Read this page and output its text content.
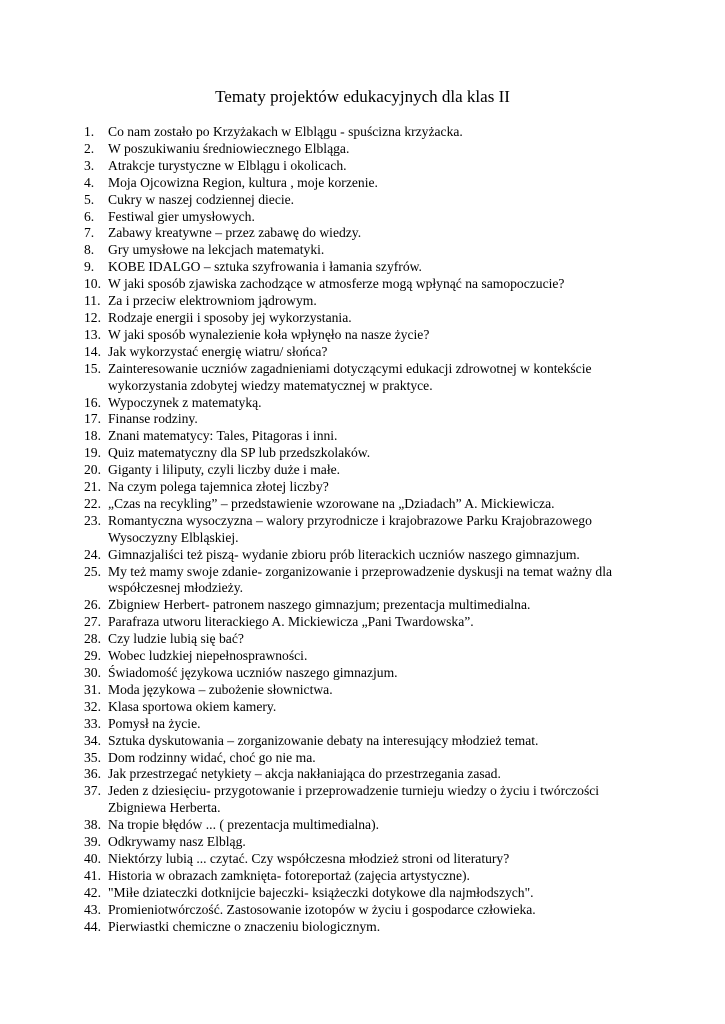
Tematy projektów edukacyjnych dla klas II
1.	Co nam zostało po Krzyżakach w Elblągu - spuścizna krzyżacka.
2.	W poszukiwaniu średniowiecznego Elbląga.
3.	Atrakcje turystyczne w Elblągu i okolicach.
4.	Moja Ojcowizna Region, kultura , moje korzenie.
5.	Cukry w naszej codziennej diecie.
6.	Festiwal gier umysłowych.
7.	Zabawy kreatywne – przez zabawę do wiedzy.
8.	Gry umysłowe na lekcjach matematyki.
9.	KOBE IDALGO – sztuka szyfrowania i łamania szyfrów.
10. W jaki sposób zjawiska zachodzące w atmosferze mogą wpłynąć na samopoczucie?
11. Za i przeciw elektrowniom jądrowym.
12. Rodzaje energii i sposoby jej wykorzystania.
13. W jaki sposób wynalezienie koła wpłynęło na nasze życie?
14. Jak wykorzystać energię wiatru/ słońca?
15. Zainteresowanie uczniów zagadnieniami dotyczącymi edukacji zdrowotnej w kontekście wykorzystania zdobytej wiedzy matematycznej w praktyce.
16. Wypoczynek z matematyką.
17. Finanse rodziny.
18. Znani matematycy: Tales, Pitagoras i inni.
19. Quiz matematyczny dla SP lub przedszkolaków.
20. Giganty i liliputy, czyli liczby duże i małe.
21. Na czym polega tajemnica złotej liczby?
22. „Czas na recykling” – przedstawienie wzorowane na „Dziadach” A. Mickiewicza.
23. Romantyczna wysoczyzna – walory przyrodnicze i krajobrazowe Parku Krajobrazowego Wysoczyzny Elbląskiej.
24. Gimnazjaliści też piszą- wydanie zbioru prób literackich uczniów naszego gimnazjum.
25. My też mamy swoje zdanie- zorganizowanie i przeprowadzenie dyskusji na temat ważny dla współczesnej młodzieży.
26. Zbigniew Herbert- patronem naszego gimnazjum; prezentacja multimedialna.
27. Parafraza utworu literackiego A. Mickiewicza „Pani Twardowska”.
28. Czy ludzie lubią się bać?
29. Wobec ludzkiej niepełnosprawności.
30. Świadomość językowa uczniów naszego gimnazjum.
31. Moda językowa – zubożenie słownictwa.
32. Klasa sportowa okiem kamery.
33. Pomysł na życie.
34. Sztuka dyskutowania – zorganizowanie debaty na interesujący młodzież temat.
35. Dom rodzinny widać, choć go nie ma.
36. Jak przestrzegać netykiety – akcja nakłaniająca do przestrzegania zasad.
37. Jeden z dziesięciu- przygotowanie i przeprowadzenie turnieju wiedzy o życiu i twórczości Zbigniewa Herberta.
38. Na tropie błędów ... ( prezentacja multimedialna).
39. Odkrywamy nasz Elbląg.
40. Niektórzy lubią ... czytać. Czy współczesna młodzież stroni od literatury?
41. Historia w obrazach zamknięta- fotoreportaż (zajęcia artystyczne).
42. "Miłe dziateczki dotknijcie bajeczki- książeczki dotykowe dla najmłodszych".
43. Promieniotwórczość. Zastosowanie izotopów w życiu i gospodarce człowieka.
44. Pierwiastki chemiczne o znaczeniu biologicznym.
